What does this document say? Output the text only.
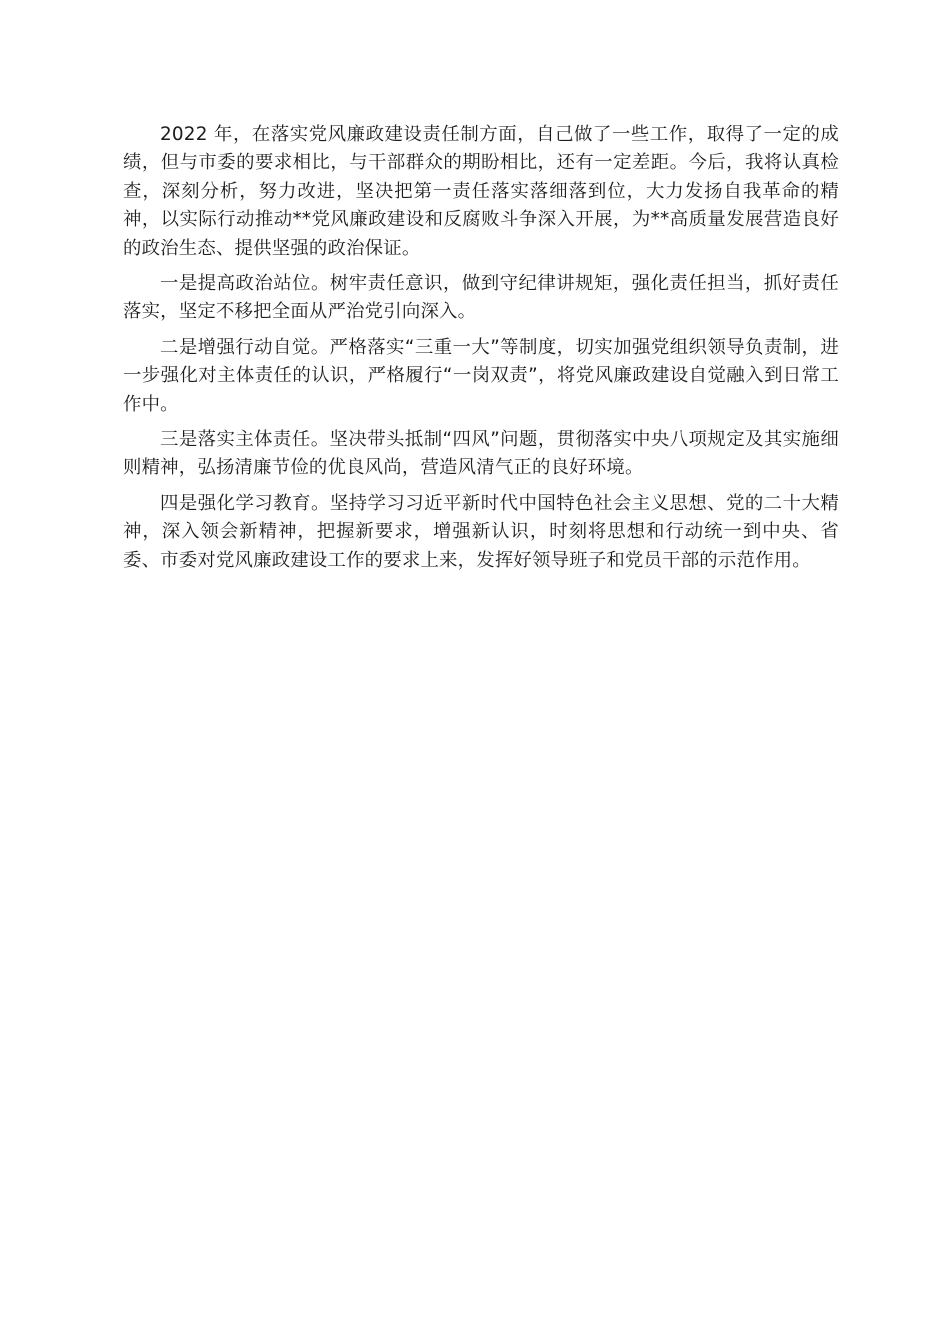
2022 年，在落实党风廉政建设责任制方面，自己做了一些工作，取得了一定的成绩，但与市委的要求相比，与干部群众的期盼相比，还有一定差距。今后，我将认真检查，深刻分析，努力改进，坚决把第一责任落实落细落到位，大力发扬自我革命的精神，以实际行动推动**党风廉政建设和反腐败斗争深入开展，为**高质量发展营造良好的政治生态、提供坚强的政治保证。

一是提高政治站位。树牢责任意识，做到守纪律讲规矩，强化责任担当，抓好责任落实，坚定不移把全面从严治党引向深入。

二是增强行动自觉。严格落实“三重一大”等制度，切实加强党组织领导负责制，进一步强化对主体责任的认识，严格履行“一岗双责”，将党风廉政建设自觉融入到日常工作中。

三是落实主体责任。坚决带头抵制“四风”问题，贯彻落实中央八项规定及其实施细则精神，弘扬清廉节俭的优良风尚，营造风清气正的良好环境。

四是强化学习教育。坚持学习习近平新时代中国特色社会主义思想、党的二十大精神，深入领会新精神，把握新要求，增强新认识，时刻将思想和行动统一到中央、省委、市委对党风廉政建设工作的要求上来，发挥好领导班子和党员干部的示范作用。
